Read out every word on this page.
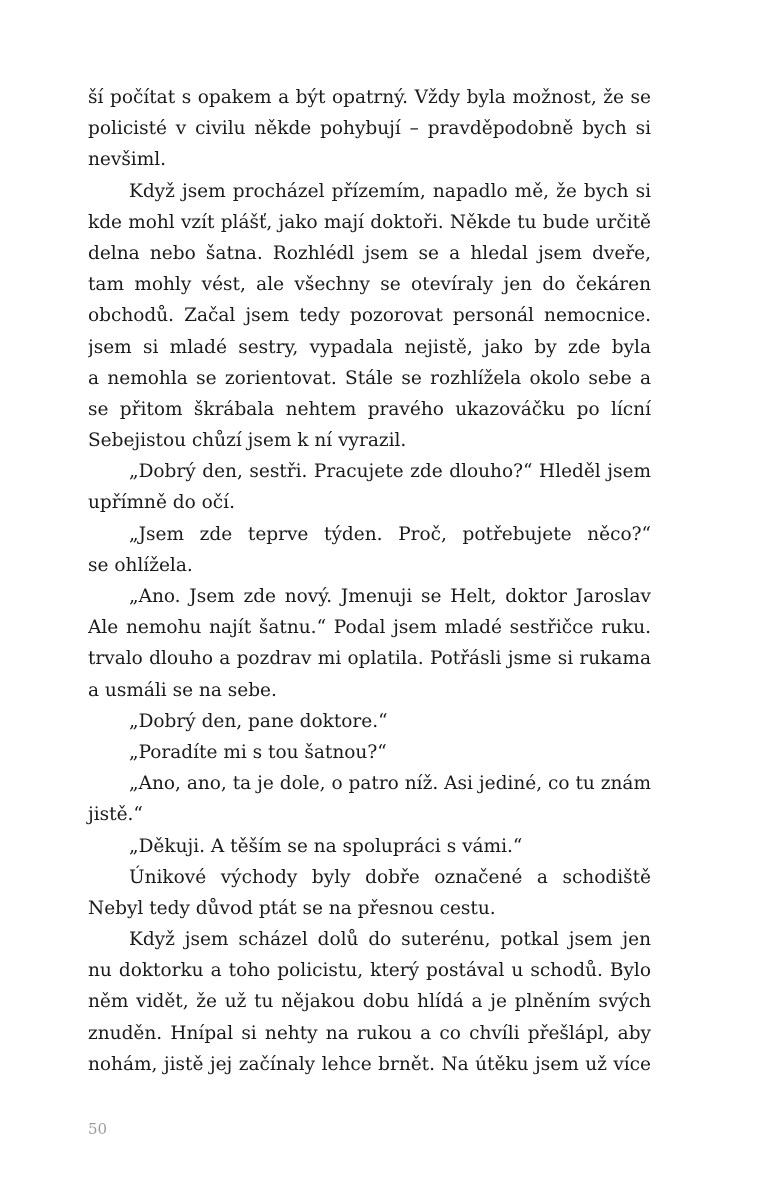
ší počítat s opakem a být opatrný. Vždy byla možnost, že se
policisté v civilu někde pohybují – pravděpodobně bych si
nevšiml.
Když jsem procházel přízemím, napadlo mě, že bych si
kde mohl vzít plášť, jako mají doktoři. Někde tu bude určitě
delna nebo šatna. Rozhlédl jsem se a hledal jsem dveře,
tam mohly vést, ale všechny se otevíraly jen do čekáren
obchodů. Začal jsem tedy pozorovat personál nemocnice.
jsem si mladé sestry, vypadala nejistě, jako by zde byla
a nemohla se zorientovat. Stále se rozhlížela okolo sebe a
se přitom škrábala nehtem pravého ukazováčku po lícní
Sebejistou chůzí jsem k ní vyrazil.
„Dobrý den, sestři. Pracujete zde dlouho?“ Hleděl jsem
upřímně do očí.
„Jsem zde teprve týden. Proč, potřebujete něco?“
se ohlížela.
„Ano. Jsem zde nový. Jmenuji se Helt, doktor Jaroslav
Ale nemohu najít šatnu.“ Podal jsem mladé sestřičce ruku.
trvalo dlouho a pozdrav mi oplatila. Potřásli jsme si rukama
a usmáli se na sebe.
„Dobrý den, pane doktore.“
„Poradíte mi s tou šatnou?“
„Ano, ano, ta je dole, o patro níž. Asi jediné, co tu znám
jistě.“
„Děkuji. A těším se na spolupráci s vámi.“
Únikové východy byly dobře označené a schodiště
Nebyl tedy důvod ptát se na přesnou cestu.
Když jsem scházel dolů do suterénu, potkal jsem jen
nu doktorku a toho policistu, který postával u schodů. Bylo
něm vidět, že už tu nějakou dobu hlídá a je plněním svých
znuděn. Hnípal si nehty na rukou a co chvíli přešlápl, aby
nohám, jistě jej začínaly lehce brnět. Na útěku jsem už více
50
